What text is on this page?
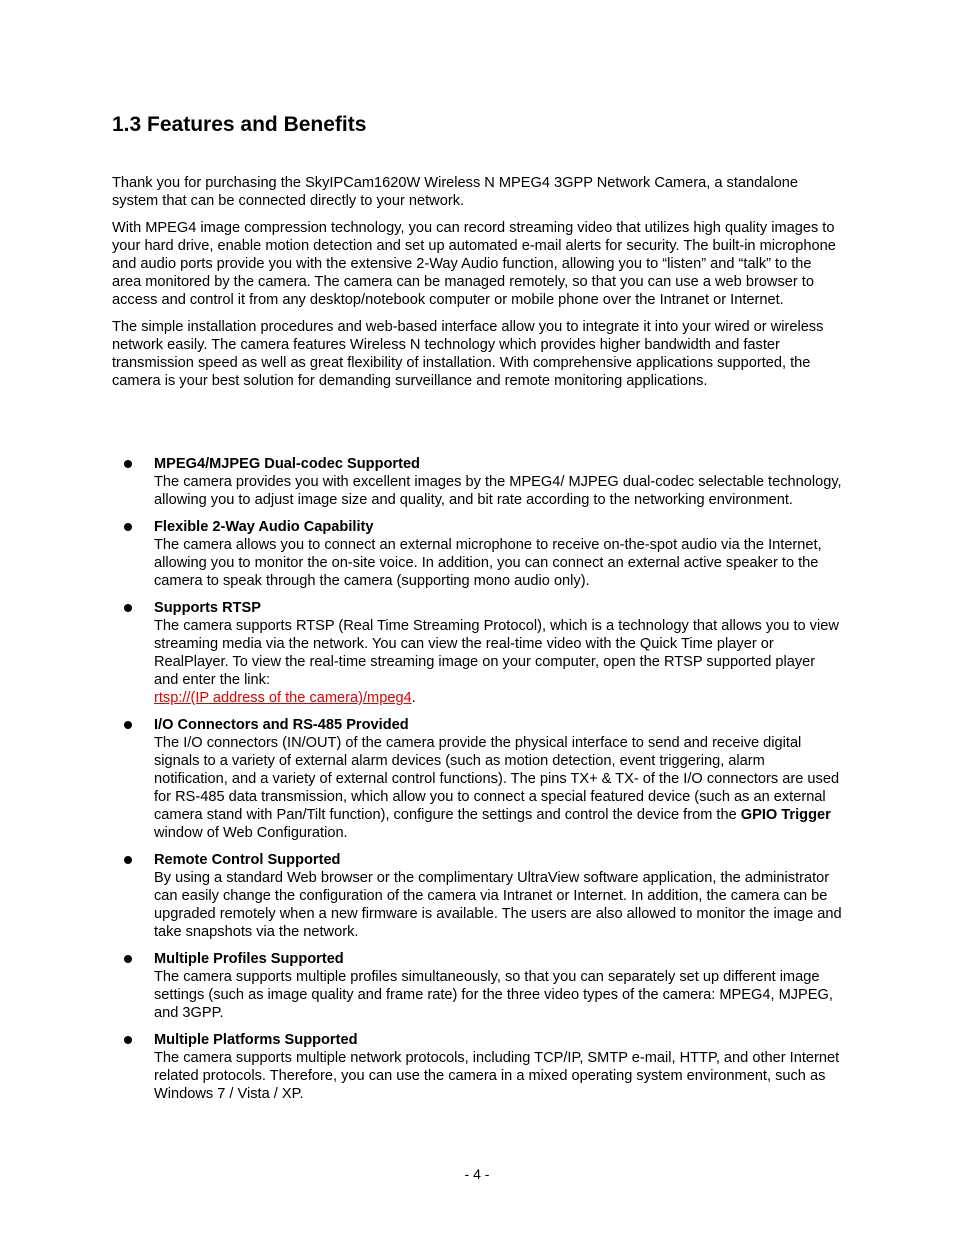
1.3 Features and Benefits

Thank you for purchasing the SkyIPCam1620W Wireless N MPEG4 3GPP Network Camera, a standalone system that can be connected directly to your network.

With MPEG4 image compression technology, you can record streaming video that utilizes high quality images to your hard drive, enable motion detection and set up automated e-mail alerts for security. The built-in microphone and audio ports provide you with the extensive 2-Way Audio function, allowing you to “listen” and “talk” to the area monitored by the camera. The camera can be managed remotely, so that you can use a web browser to access and control it from any desktop/notebook computer or mobile phone over the Intranet or Internet.

The simple installation procedures and web-based interface allow you to integrate it into your wired or wireless network easily. The camera features Wireless N technology which provides higher bandwidth and faster transmission speed as well as great flexibility of installation. With comprehensive applications supported, the camera is your best solution for demanding surveillance and remote monitoring applications.

MPEG4/MJPEG Dual-codec Supported
The camera provides you with excellent images by the MPEG4/ MJPEG dual-codec selectable technology, allowing you to adjust image size and quality, and bit rate according to the networking environment.
Flexible 2-Way Audio Capability
The camera allows you to connect an external microphone to receive on-the-spot audio via the Internet, allowing you to monitor the on-site voice. In addition, you can connect an external active speaker to the camera to speak through the camera (supporting mono audio only).
Supports RTSP
The camera supports RTSP (Real Time Streaming Protocol), which is a technology that allows you to view streaming media via the network. You can view the real-time video with the Quick Time player or RealPlayer. To view the real-time streaming image on your computer, open the RTSP supported player and enter the link:
rtsp://(IP address of the camera)/mpeg4.
I/O Connectors and RS-485 Provided
The I/O connectors (IN/OUT) of the camera provide the physical interface to send and receive digital signals to a variety of external alarm devices (such as motion detection, event triggering, alarm notification, and a variety of external control functions). The pins TX+ & TX- of the I/O connectors are used for RS-485 data transmission, which allow you to connect a special featured device (such as an external camera stand with Pan/Tilt function), configure the settings and control the device from the GPIO Trigger window of Web Configuration.
Remote Control Supported
By using a standard Web browser or the complimentary UltraView software application, the administrator can easily change the configuration of the camera via Intranet or Internet. In addition, the camera can be upgraded remotely when a new firmware is available. The users are also allowed to monitor the image and take snapshots via the network.
Multiple Profiles Supported
The camera supports multiple profiles simultaneously, so that you can separately set up different image settings (such as image quality and frame rate) for the three video types of the camera: MPEG4, MJPEG, and 3GPP.
Multiple Platforms Supported
The camera supports multiple network protocols, including TCP/IP, SMTP e-mail, HTTP, and other Internet related protocols. Therefore, you can use the camera in a mixed operating system environment, such as Windows 7 / Vista / XP.
- 4 -
